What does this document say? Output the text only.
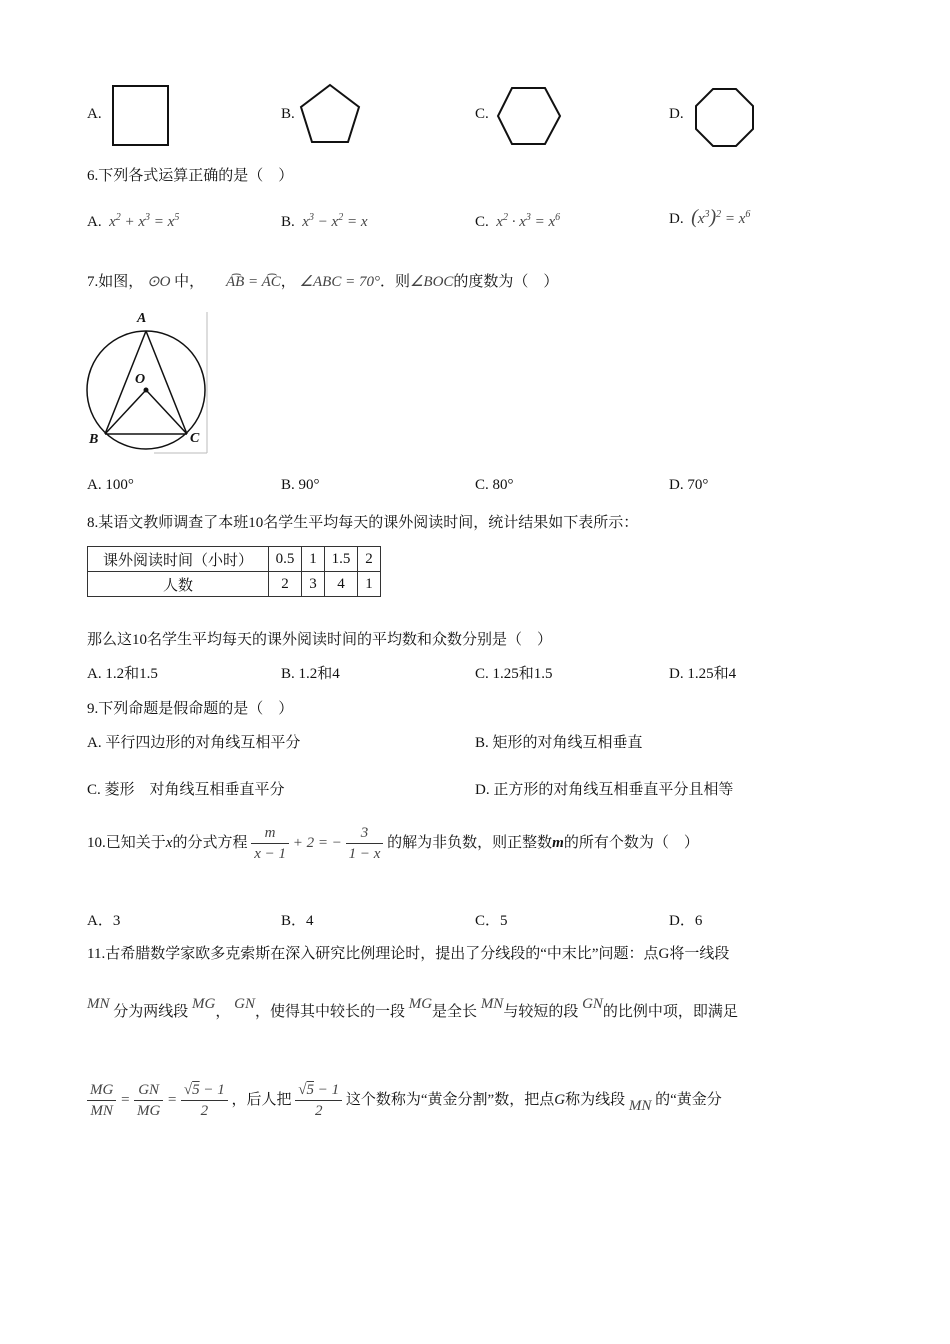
A.	B.	C.	D.
6.下列各式运算正确的是（　）
A.  $x^2 + x^3 = x^5$	B.  $x^3 - x^2 = x$	C.  $x^2 \cdot x^3 = x^6$	D. $(x^3)^2 = x^6$
7.如图， ⊙O 中， A͡B = A͡C， ∠ABC = 70°．则∠BOC的度数为（　）
A
O
B	C
A. 100°	B. 90°	C. 80°	D. 70°
8.某语文教师调查了本班10名学生平均每天的课外阅读时间，统计结果如下表所示：
课外阅读时间（小时）	0.5	1	1.5	2
人数	2	3	4	1
那么这10名学生平均每天的课外阅读时间的平均数和众数分别是（　）
A. 1.2和1.5	B. 1.2和4	C. 1.25和1.5	D. 1.25和4
9.下列命题是假命题的是（　）
A. 平行四边形的对角线互相平分	B. 矩形的对角线互相垂直
C. 菱形　对角线互相垂直平分	D. 正方形的对角线互相垂直平分且相等
10.已知关于x的分式方程 $\frac{m}{x - 1} + 2$ = − $\frac{3}{1 - x}$ 的解为非负数，则正整数m的所有个数为（　）
A．3	B．4	C．5	D．6
11.古希腊数学家欧多克索斯在深入研究比例理论时，提出了分线段的“中末比”问题：点G将一线段
MN 分为两线段 MG， GN，使得其中较长的一段 MG是全长 MN与较短的段 GN的比例中项，即满足
$\frac{MG}{MN} = \frac{GN}{MG} = \frac{√5 - 1}{2}$ ，后人把 $\frac{√5 - 1}{2}$ 这个数称为“黄金分割”数，把点G称为线段 MN 的“黄金分
